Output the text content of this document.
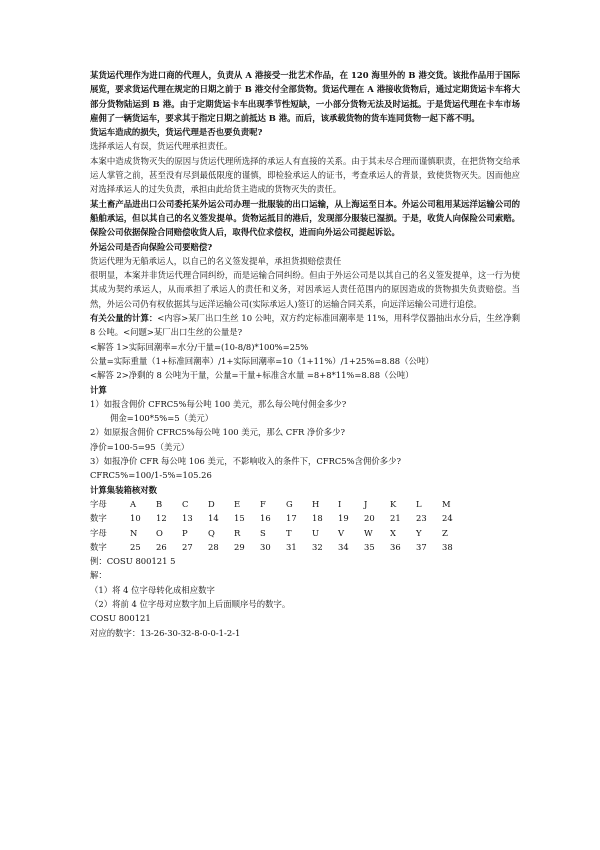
某货运代理作为进口商的代理人，负责从 A 港接受一批艺术作品，在 120 海里外的 B 港交货。该批作品用于国际展览，要求货运代理在规定的日期之前于 B 港交付全部货物。货运代理在 A 港接收货物后，通过定期货运卡车将大部分货物陆运到 B 港。由于定期货运卡车出现季节性短缺，一小部分货物无法及时运抵。于是货运代理在卡车市场雇佣了一辆货运车，要求其于指定日期之前抵达 B 港。而后，该承载货物的货车连同货物一起下落不明。

货运车造成的损失，货运代理是否也要负责呢?

选择承运人有误，货运代理承担责任。

本案中造成货物灭失的原因与货运代理所选择的承运人有直接的关系。由于其未尽合理而谨慎职责，在把货物交给承运人掌管之前，甚至没有尽到最低限度的谨慎，即检验承运人的证书，考查承运人的背景，致使货物灭失。因而他应对选择承运人的过失负责，承担由此给货主造成的货物灭失的责任。

某土畜产品进出口公司委托某外运公司办理一批服装的出口运输，从上海运至日本。外运公司租用某远洋运输公司的船舶承运，但以其自己的名义签发提单。货物运抵目的港后，发现部分服装已湿损。于是，收货人向保险公司索赔。保险公司依据保险合同赔偿收货人后，取得代位求偿权，进而向外运公司提起诉讼。

外运公司是否向保险公司要赔偿?

货运代理为无船承运人，以自己的名义签发提单，承担货损赔偿责任

很明显，本案并非货运代理合同纠纷，而是运输合同纠纷。但由于外运公司是以其自己的名义签发提单，这一行为使其成为契约承运人，从而承担了承运人的责任和义务，对因承运人责任范围内的原因造成的货物损失负责赔偿。当然，外运公司仍有权依据其与远洋运输公司(实际承运人)签订的运输合同关系，向远洋运输公司进行追偿。

有关公量的计算：<内容>某厂出口生丝 10 公吨，双方约定标准回潮率是 11%，用科学仪器抽出水分后，生丝净剩 8 公吨。<问题>某厂出口生丝的公量是?

<解答 1>实际回潮率=水分/干量=(10-8/8)*100%=25%

公量=实际重量（1+标准回潮率）/1+实际回潮率=10（1+11%）/1+25%=8.88（公吨）

<解答 2>净剩的 8 公吨为干量，公量=干量+标准含水量 =8+8*11%=8.88（公吨）

计算

1）如报含佣价 CFRC5%每公吨 100 美元，那么每公吨付佣金多少?

佣金=100*5%=5（美元）

2）如原报含佣价 CFRC5%每公吨 100 美元，那么 CFR 净价多少?

净价=100-5=95（美元）

3）如报净价 CFR 每公吨 106 美元，不影响收入的条件下，CFRC5%含佣价多少?

CFRC5%=100/1-5%=105.26

计算集装箱核对数

字母	A	B	C	D	E	F	G	H	I	J	K	L	M
数字	10	12	13	14	15	16	17	18	19	20	21	23	24
字母	N	O	P	Q	R	S	T	U	V	W	X	Y	Z
数字	25	26	27	28	29	30	31	32	34	35	36	37	38

例：COSU 800121 5

解：

（1）将 4 位字母转化成相应数字

（2）将前 4 位字母对应数字加上后面顺序号的数字。

COSU 800121

对应的数字：13-26-30-32-8-0-0-1-2-1
